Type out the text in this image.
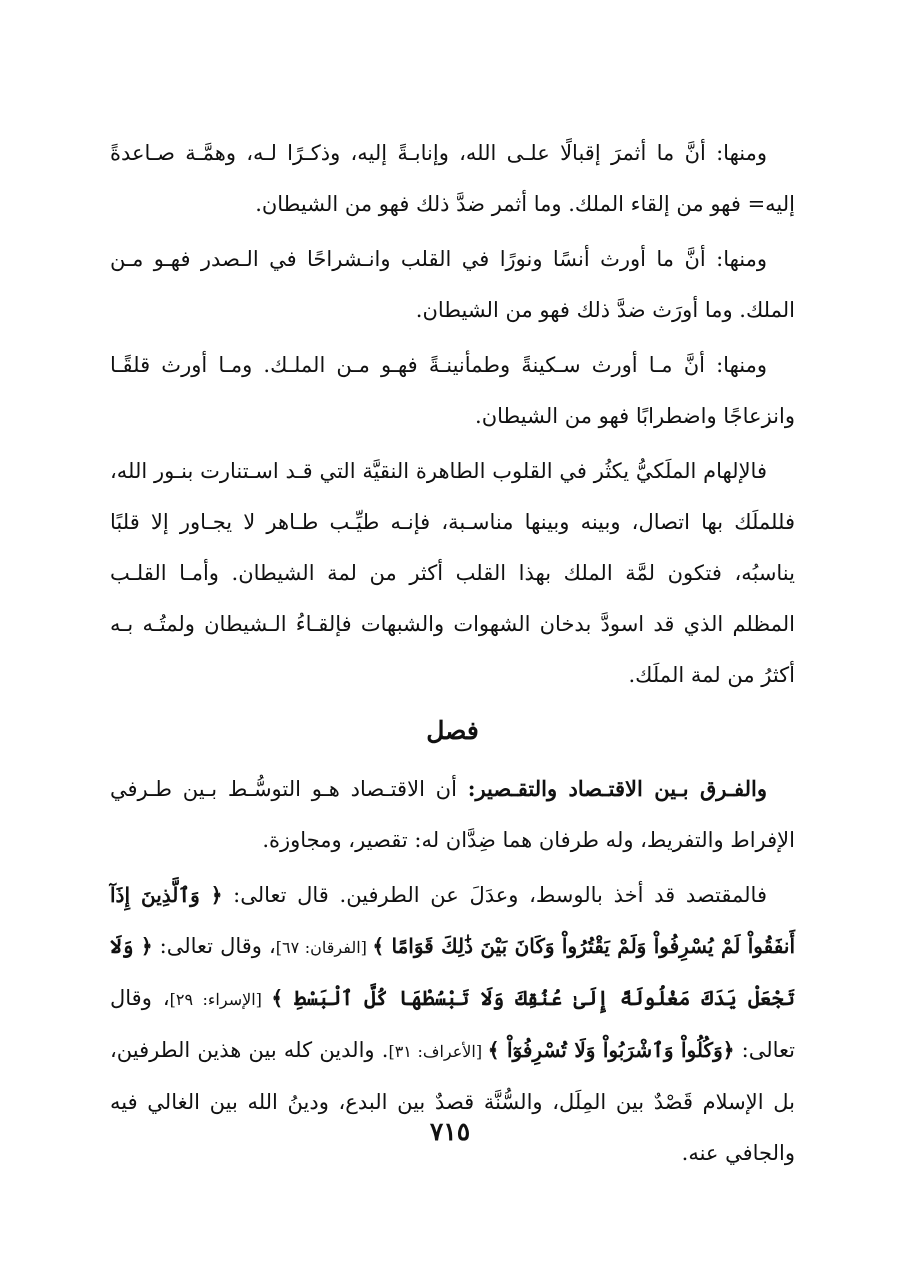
ومنها: أنَّ ما أثمرَ إقبالًا علـى الله، وإنابـةً إليه، وذكـرًا لـه، وهمَّـة صـاعدةً إليه= فهو من إلقاء الملك. وما أثمر ضدَّ ذلك فهو من الشيطان.

ومنها: أنَّ ما أورث أنسًا ونورًا في القلب وانـشراحًا في الـصدر فهـو مـن الملك. وما أورَث ضدَّ ذلك فهو من الشيطان.

ومنها: أنَّ مـا أورث سـكينةً وطمأنينـةً فهـو مـن الملـك. ومـا أورث قلقًـا وانزعاجًا واضطرابًا فهو من الشيطان.

فالإلهام الملَكيُّ يكثُر في القلوب الطاهرة النقيَّة التي قـد اسـتنارت بنـور الله، فللملَك بها اتصال، وبينه وبينها مناسـبة، فإنـه طيِّـب طـاهر لا يجـاور إلا قلبًا يناسبُه، فتكون لمَّة الملك بهذا القلب أكثر من لمة الشيطان. وأمـا القلـب المظلم الذي قد اسودَّ بدخان الشهوات والشبهات فإلقـاءُ الـشيطان ولمتُـه بـه أكثرُ من لمة الملَك.

فصل

والفـرق بـين الاقتـصاد والتقـصير: أن الاقتـصاد هـو التوسُّـط بـين طـرفي الإفراط والتفريط، وله طرفان هما ضِدَّان له: تقصير، ومجاوزة.

فالمقتصد قد أخذ بالوسط، وعدَلَ عن الطرفين. قال تعالى: ﴿ وَٱلَّذِينَ إِذَآ أَنفَقُواْ لَمْ يُسْرِفُواْ وَلَمْ يَقْتُرُواْ وَكَانَ بَيْنَ ذَٰلِكَ قَوَامًا ﴾ [الفرقان: ٦٧]، وقال تعالى: ﴿ وَلَا تَجْعَلْ يَدَكَ مَغْلُولَةً إِلَىٰ عُنُقِكَ وَلَا تَبْسُطْهَا كُلَّ ٱلْبَسْطِ ﴾ [الإسراء: ٢٩]، وقال تعالى: ﴿وَكُلُواْ وَٱشْرَبُواْ وَلَا تُسْرِفُوٓاْ ﴾ [الأعراف: ٣١]. والدين كله بين هذين الطرفين، بل الإسلام قَصْدٌ بين المِلَل، والسُّنَّة قصدٌ بين البدع، ودينُ الله بين الغالي فيه والجافي عنه.

٧١٥
